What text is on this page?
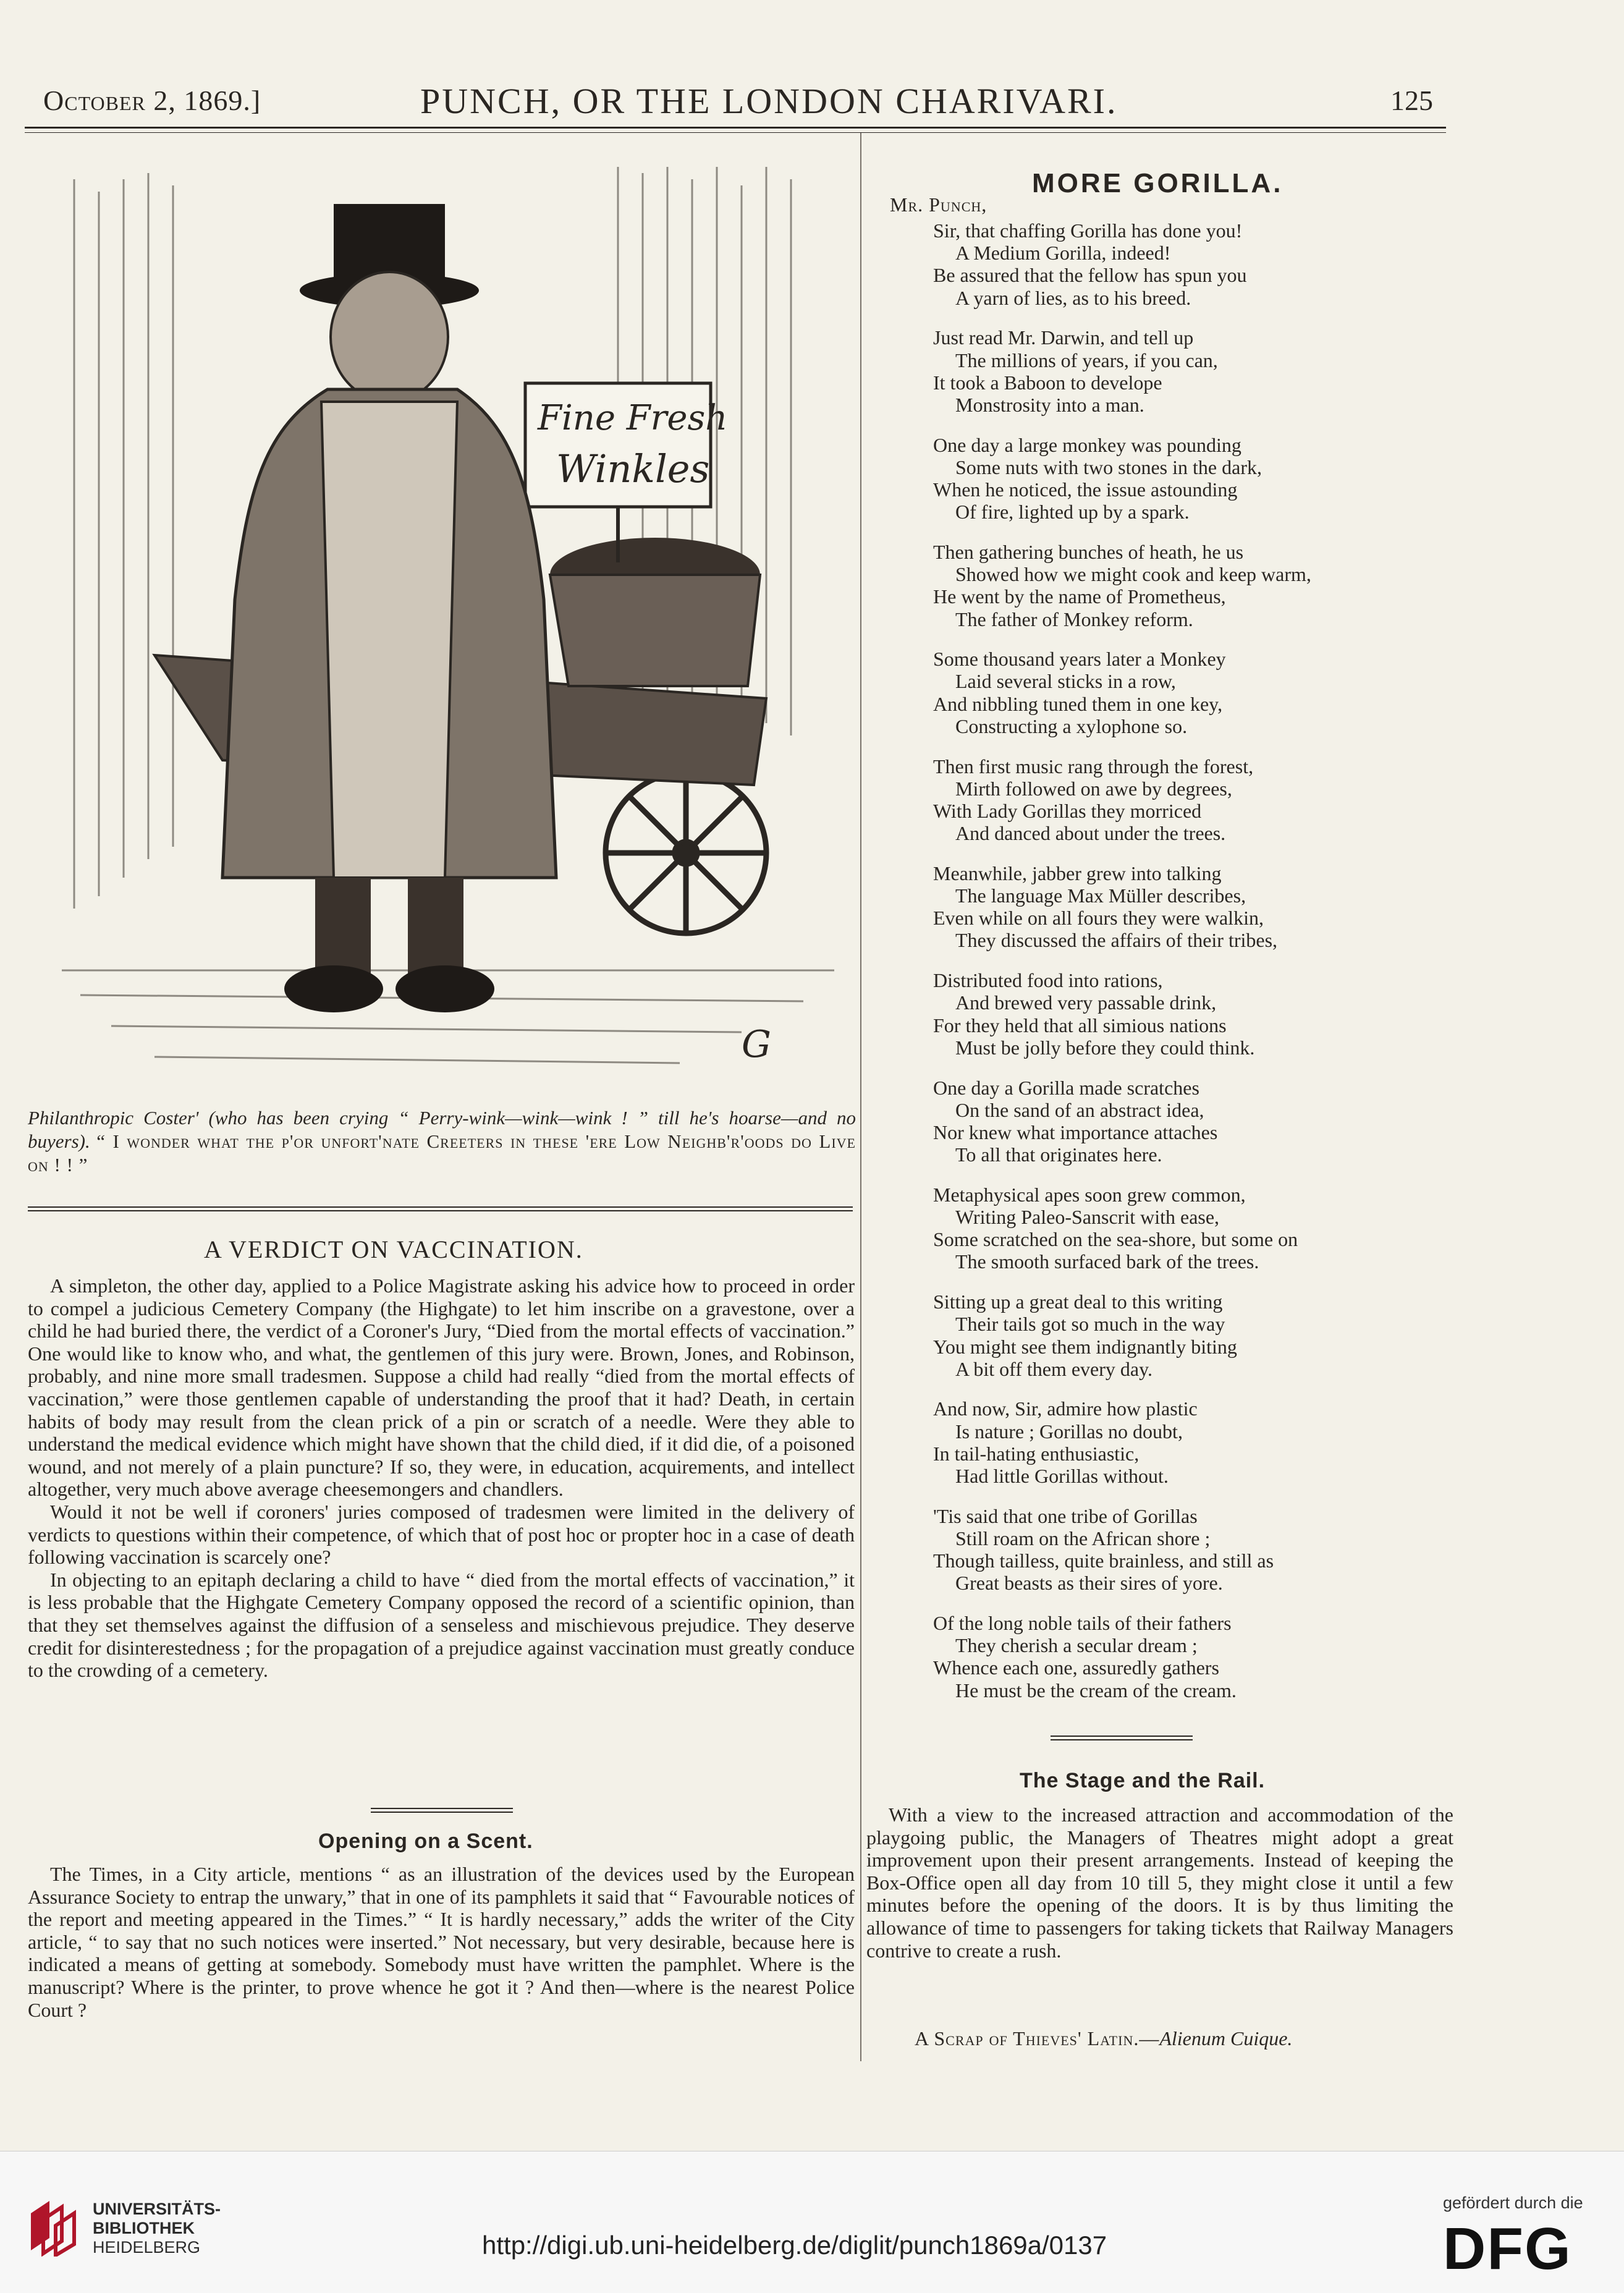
October 2, 1869.]	PUNCH, OR THE LONDON CHARIVARI.	125
Fine Fresh
Winkles
G
Philanthropic Coster' (who has been crying “ Perry-wink—wink—wink ! ” till he's hoarse—and no buyers). “ I wonder what the p'or unfort'nate Creeters in these 'ere Low Neighb'r'oods do Live on ! ! ”
A VERDICT ON VACCINATION.

A simpleton, the other day, applied to a Police Magistrate asking his advice how to proceed in order to compel a judicious Cemetery Company (the Highgate) to let him inscribe on a gravestone, over a child he had buried there, the verdict of a Coroner's Jury, “Died from the mortal effects of vaccination.” One would like to know who, and what, the gentlemen of this jury were. Brown, Jones, and Robinson, probably, and nine more small tradesmen. Suppose a child had really “died from the mortal effects of vaccination,” were those gentlemen capable of understanding the proof that it had? Death, in certain habits of body may result from the clean prick of a pin or scratch of a needle. Were they able to understand the medical evidence which might have shown that the child died, if it did die, of a poisoned wound, and not merely of a plain puncture? If so, they were, in education, acquirements, and intellect altogether, very much above average cheesemongers and chandlers.

Would it not be well if coroners' juries composed of tradesmen were limited in the delivery of verdicts to questions within their competence, of which that of post hoc or propter hoc in a case of death following vaccination is scarcely one?

In objecting to an epitaph declaring a child to have “ died from the mortal effects of vaccination,” it is less probable that the Highgate Cemetery Company opposed the record of a scientific opinion, than that they set themselves against the diffusion of a senseless and mischievous prejudice. They deserve credit for disinterestedness ; for the propagation of a prejudice against vaccination must greatly conduce to the crowding of a cemetery.

Opening on a Scent.

The Times, in a City article, mentions “ as an illustration of the devices used by the European Assurance Society to entrap the unwary,” that in one of its pamphlets it said that “ Favourable notices of the report and meeting appeared in the Times.” “ It is hardly necessary,” adds the writer of the City article, “ to say that no such notices were inserted.” Not necessary, but very desirable, because here is indicated a means of getting at somebody. Somebody must have written the pamphlet. Where is the manuscript? Where is the printer, to prove whence he got it ? And then—where is the nearest Police Court ?

MORE GORILLA.
Mr. Punch,
Sir, that chaffing Gorilla has done you!
A Medium Gorilla, indeed!
Be assured that the fellow has spun you
A yarn of lies, as to his breed.
Just read Mr. Darwin, and tell up
The millions of years, if you can,
It took a Baboon to develope
Monstrosity into a man.
One day a large monkey was pounding
Some nuts with two stones in the dark,
When he noticed, the issue astounding
Of fire, lighted up by a spark.
Then gathering bunches of heath, he us
Showed how we might cook and keep warm,
He went by the name of Prometheus,
The father of Monkey reform.
Some thousand years later a Monkey
Laid several sticks in a row,
And nibbling tuned them in one key,
Constructing a xylophone so.
Then first music rang through the forest,
Mirth followed on awe by degrees,
With Lady Gorillas they morriced
And danced about under the trees.
Meanwhile, jabber grew into talking
The language Max Müller describes,
Even while on all fours they were walkin,
They discussed the affairs of their tribes,
Distributed food into rations,
And brewed very passable drink,
For they held that all simious nations
Must be jolly before they could think.
One day a Gorilla made scratches
On the sand of an abstract idea,
Nor knew what importance attaches
To all that originates here.
Metaphysical apes soon grew common,
Writing Paleo-Sanscrit with ease,
Some scratched on the sea-shore, but some on
The smooth surfaced bark of the trees.
Sitting up a great deal to this writing
Their tails got so much in the way
You might see them indignantly biting
A bit off them every day.
And now, Sir, admire how plastic
Is nature ; Gorillas no doubt,
In tail-hating enthusiastic,
Had little Gorillas without.
'Tis said that one tribe of Gorillas
Still roam on the African shore ;
Though tailless, quite brainless, and still as
Great beasts as their sires of yore.
Of the long noble tails of their fathers
They cherish a secular dream ;
Whence each one, assuredly gathers
He must be the cream of the cream.
The Stage and the Rail.

With a view to the increased attraction and accommodation of the playgoing public, the Managers of Theatres might adopt a great improvement upon their present arrangements. Instead of keeping the Box-Office open all day from 10 till 5, they might close it until a few minutes before the opening of the doors. It is by thus limiting the allowance of time to passengers for taking tickets that Railway Managers contrive to create a rush.

A Scrap of Thieves' Latin.—Alienum Cuique.
UNIVERSITÄTS-
BIBLIOTHEK
HEIDELBERG	http://digi.ub.uni-heidelberg.de/diglit/punch1869a/0137
gefördert durch die
DFG
